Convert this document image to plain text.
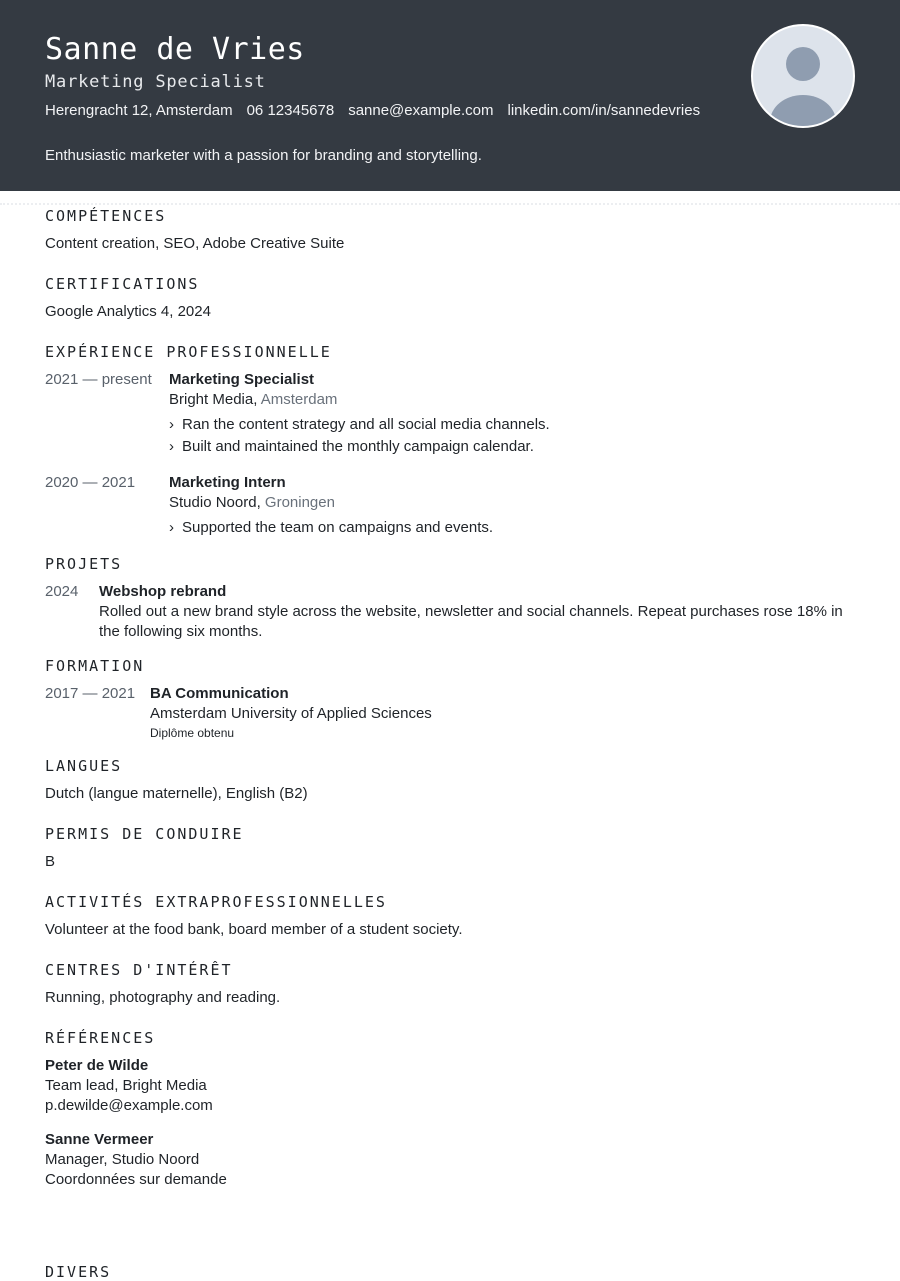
Sanne de Vries
Marketing Specialist
Herengracht 12, Amsterdam 06 12345678 sanne@example.com linkedin.com/in/sannedevries
Enthusiastic marketer with a passion for branding and storytelling.
COMPÉTENCES
Content creation, SEO, Adobe Creative Suite
CERTIFICATIONS
Google Analytics 4, 2024
EXPÉRIENCE PROFESSIONNELLE
2021 — present	Marketing Specialist
Bright Media, Amsterdam
› Ran the content strategy and all social media channels.
› Built and maintained the monthly campaign calendar.
2020 — 2021	Marketing Intern
Studio Noord, Groningen
› Supported the team on campaigns and events.
PROJETS
2024	Webshop rebrand
Rolled out a new brand style across the website, newsletter and social channels. Repeat purchases rose 18% in the following six months.
FORMATION
2017 — 2021 BA Communication
Amsterdam University of Applied Sciences
Diplôme obtenu
LANGUES
Dutch (langue maternelle), English (B2)
PERMIS DE CONDUIRE
B
ACTIVITÉS EXTRAPROFESSIONNELLES
Volunteer at the food bank, board member of a student society.
CENTRES D'INTÉRÊT
Running, photography and reading.
RÉFÉRENCES
Peter de Wilde
Team lead, Bright Media
p.dewilde@example.com
Sanne Vermeer
Manager, Studio Noord
Coordonnées sur demande
DIVERS
